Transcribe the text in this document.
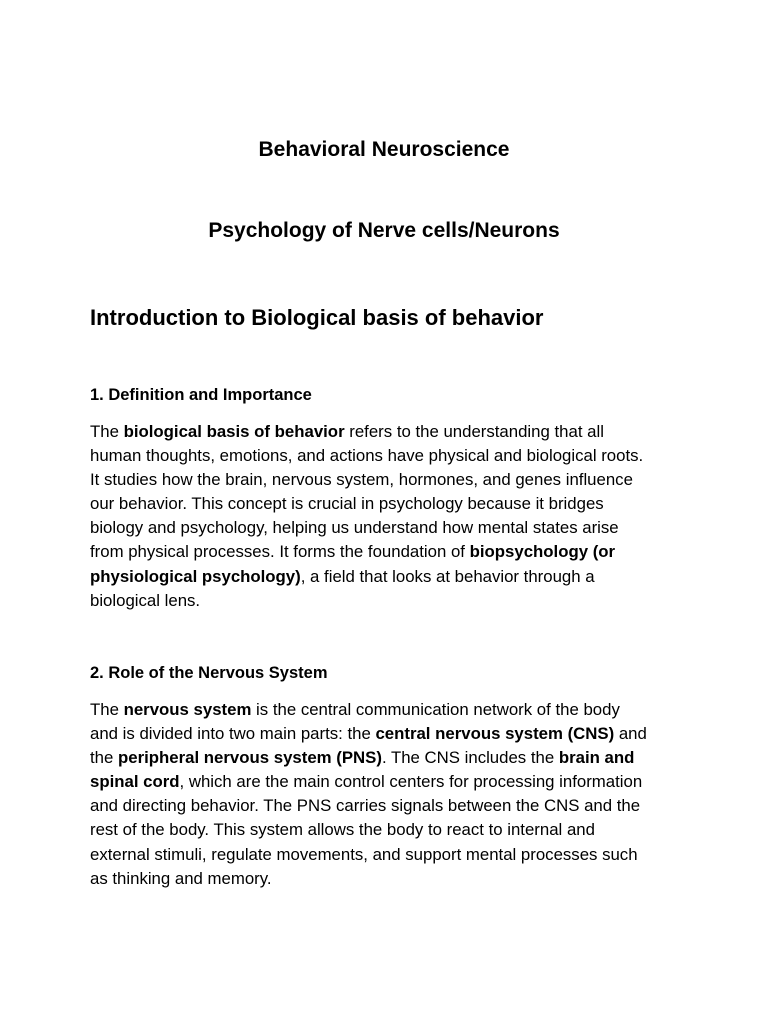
Behavioral Neuroscience
Psychology of Nerve cells/Neurons
Introduction to Biological basis of behavior
1. Definition and Importance

The biological basis of behavior refers to the understanding that all
human thoughts, emotions, and actions have physical and biological roots.
It studies how the brain, nervous system, hormones, and genes influence
our behavior. This concept is crucial in psychology because it bridges
biology and psychology, helping us understand how mental states arise
from physical processes. It forms the foundation of biopsychology (or
physiological psychology), a field that looks at behavior through a
biological lens.

2. Role of the Nervous System

The nervous system is the central communication network of the body
and is divided into two main parts: the central nervous system (CNS) and
the peripheral nervous system (PNS). The CNS includes the brain and
spinal cord, which are the main control centers for processing information
and directing behavior. The PNS carries signals between the CNS and the
rest of the body. This system allows the body to react to internal and
external stimuli, regulate movements, and support mental processes such
as thinking and memory.
